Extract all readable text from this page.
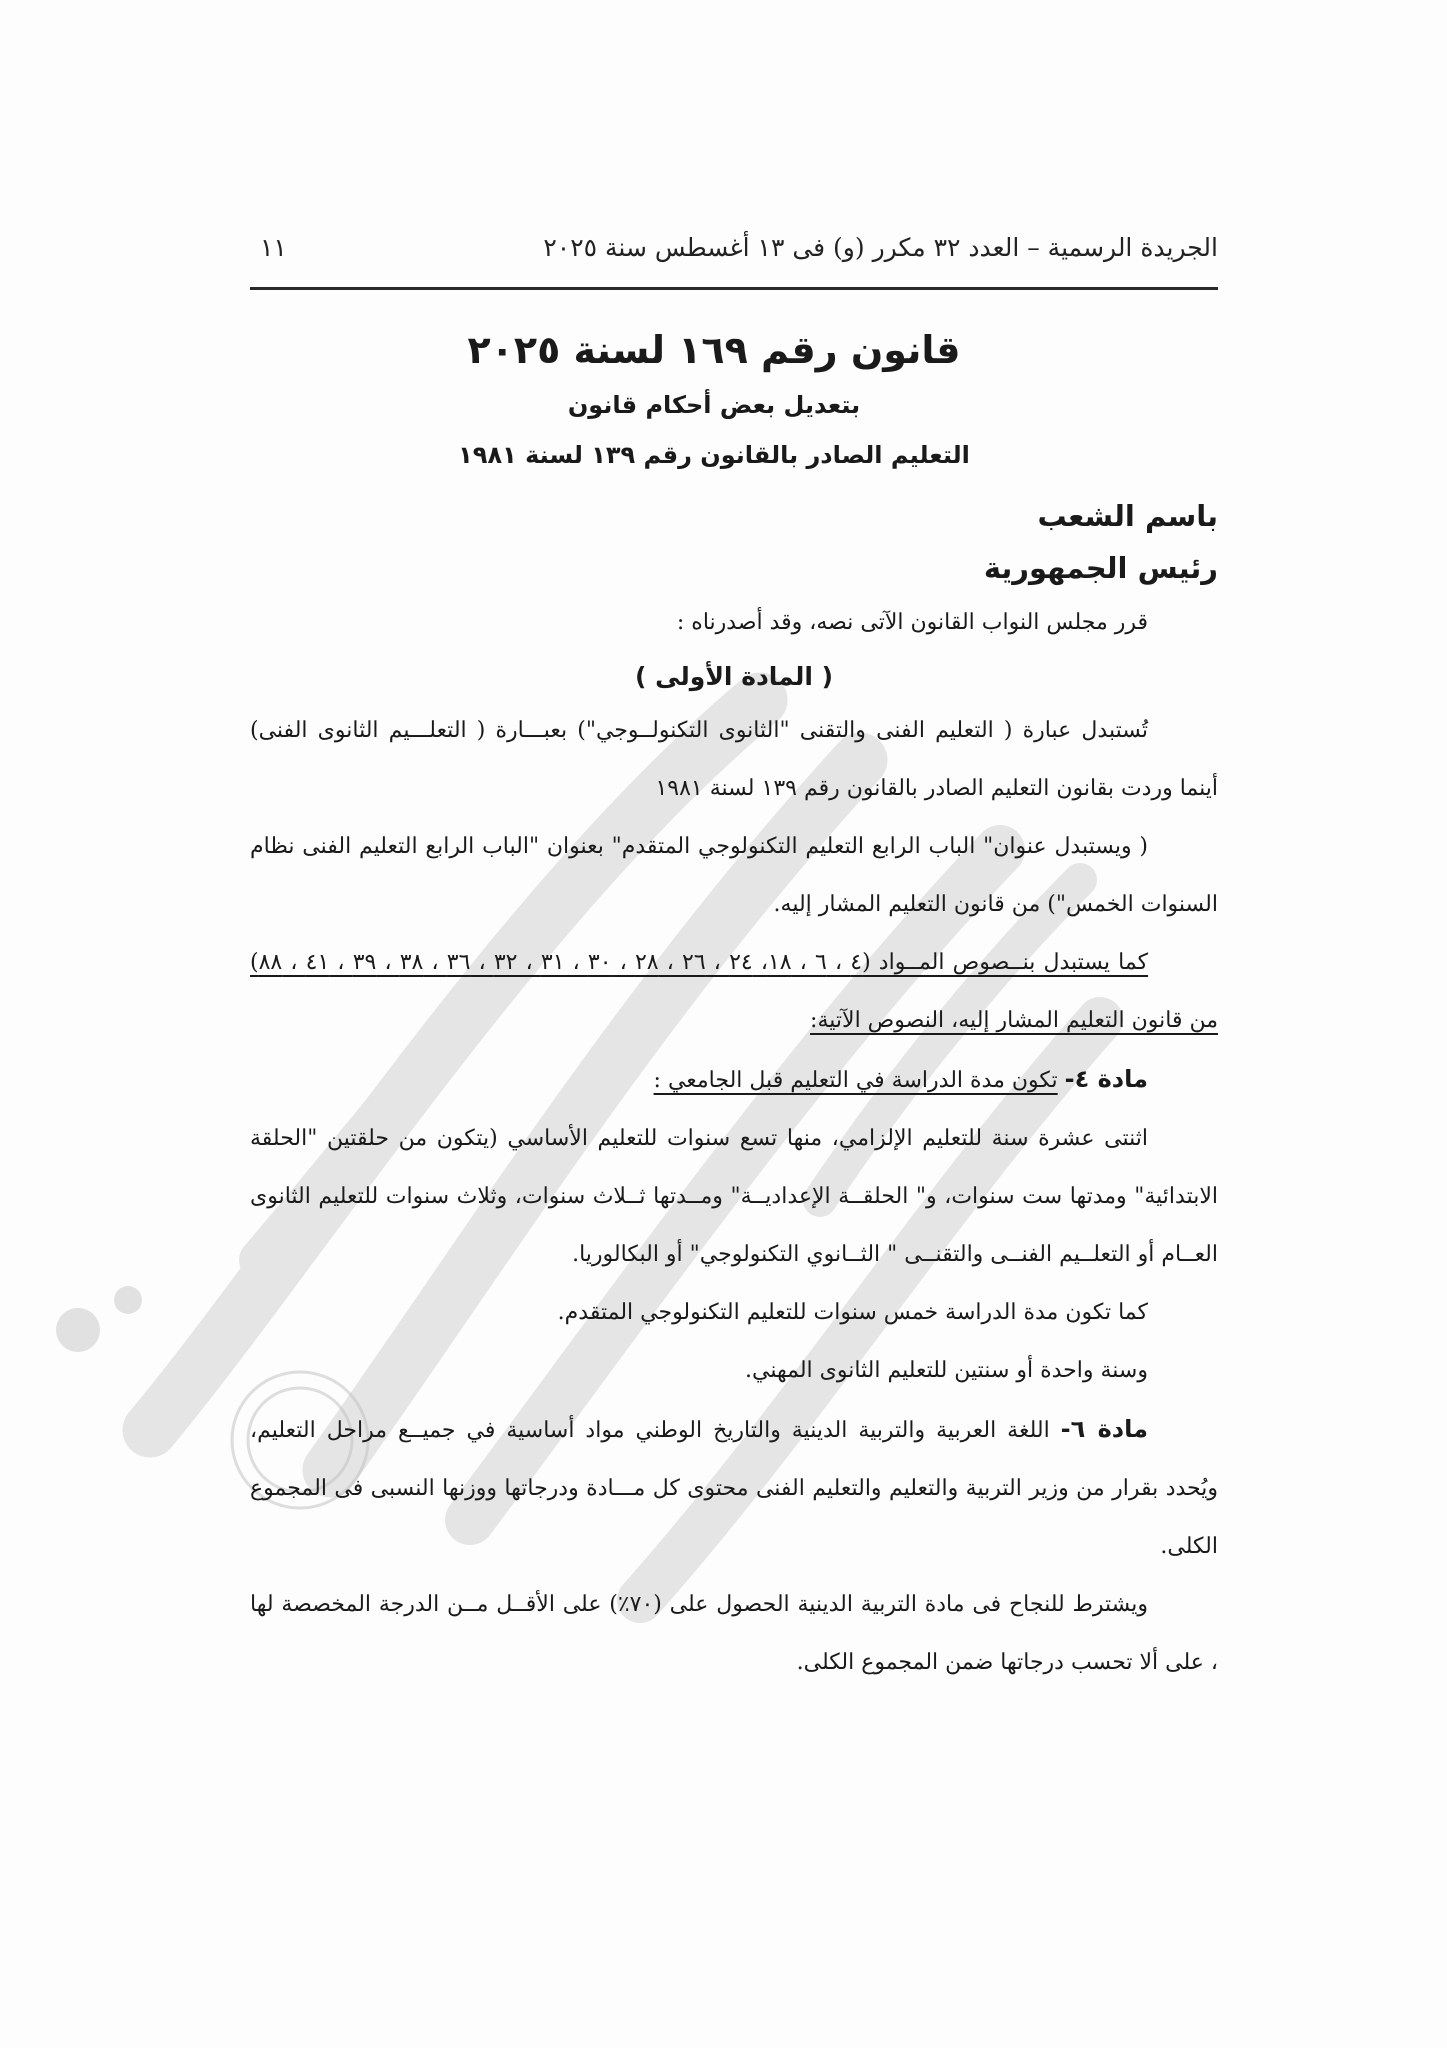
الجريدة الرسمية – العدد ٣٢ مكرر (و) فى ١٣ أغسطس سنة ٢٠٢٥
١١
قانون رقم ١٦٩ لسنة ٢٠٢٥
بتعديل بعض أحكام قانون
التعليم الصادر بالقانون رقم ١٣٩ لسنة ١٩٨١
باسم الشعب
رئيس الجمهورية
قرر مجلس النواب القانون الآتى نصه، وقد أصدرناه :
( المادة الأولى )
تُستبدل عبارة ( التعليم الفنى والتقنى "الثانوى التكنولــوجي") بعبـــارة ( التعلـــيم الثانوى الفنى) أينما وردت بقانون التعليم الصادر بالقانون رقم ١٣٩ لسنة ١٩٨١
( ويستبدل عنوان" الباب الرابع التعليم التكنولوجي المتقدم" بعنوان "الباب الرابع التعليم الفنى نظام السنوات الخمس") من قانون التعليم المشار إليه.
كما يستبدل بنــصوص المــواد (٤ ، ٦ ، ١٨، ٢٤ ، ٢٦ ، ٢٨ ، ٣٠ ، ٣١ ، ٣٢ ، ٣٦ ، ٣٨ ، ٣٩ ، ٤١ ، ٨٨) من قانون التعليم المشار إليه، النصوص الآتية:
مادة ٤- تكون مدة الدراسة في التعليم قبل الجامعي :
اثنتى عشرة سنة للتعليم الإلزامي، منها تسع سنوات للتعليم الأساسي (يتكون من حلقتين "الحلقة الابتدائية" ومدتها ست سنوات، و" الحلقــة الإعداديــة" ومــدتها ثــلاث سنوات، وثلاث سنوات للتعليم الثانوى العــام أو التعلــيم الفنــى والتقنــى " الثــانوي التكنولوجي" أو البكالوريا.
كما تكون مدة الدراسة خمس سنوات للتعليم التكنولوجي المتقدم.
وسنة واحدة أو سنتين للتعليم الثانوى المهني.
مادة ٦- اللغة العربية والتربية الدينية والتاريخ الوطني مواد أساسية في جميــع مراحل التعليم، ويُحدد بقرار من وزير التربية والتعليم والتعليم الفنى محتوى كل مـــادة ودرجاتها ووزنها النسبى فى المجموع الكلى.
ويشترط للنجاح فى مادة التربية الدينية الحصول على (٧٠٪) على الأقــل مــن الدرجة المخصصة لها ، على ألا تحسب درجاتها ضمن المجموع الكلى.
